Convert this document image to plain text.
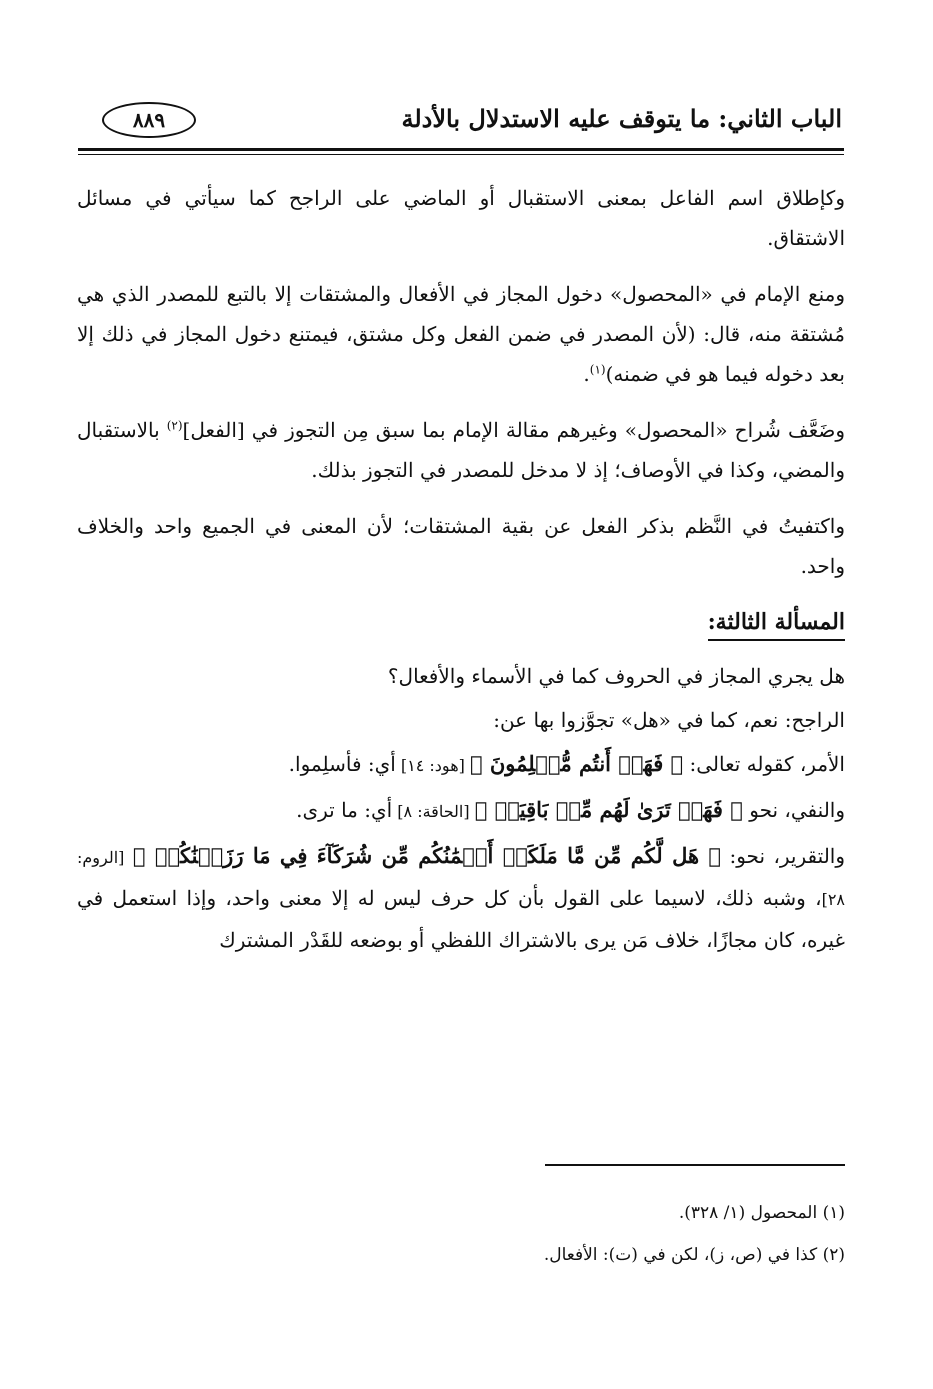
الباب الثاني: ما يتوقف عليه الاستدلال بالأدلة
٨٨٩

وكإطلاق اسم الفاعل بمعنى الاستقبال أو الماضي على الراجح كما سيأتي في مسائل الاشتقاق.

ومنع الإمام في «المحصول» دخول المجاز في الأفعال والمشتقات إلا بالتبع للمصدر الذي هي مُشتقة منه، قال: (لأن المصدر في ضمن الفعل وكل مشتق، فيمتنع دخول المجاز في ذلك إلا بعد دخوله فيما هو في ضمنه)$^{(١)}$.

وضَعَّف شُراح «المحصول» وغيرهم مقالة الإمام بما سبق مِن التجوز في [الفعل]$^{(٢)}$ بالاستقبال والمضي، وكذا في الأوصاف؛ إذ لا مدخل للمصدر في التجوز بذلك.

واكتفيتُ في النَّظم بذكر الفعل عن بقية المشتقات؛ لأن المعنى في الجميع واحد والخلاف واحد.

المسألة الثالثة:

هل يجري المجاز في الحروف كما في الأسماء والأفعال؟

الراجح: نعم، كما في «هل» تجوَّزوا بها عن:

الأمر، كقوله تعالى: ﴿ فَهَلۡ أَنتُم مُّسۡلِمُونَ ﴾ [هود: ١٤] أي: فأسلِموا.

والنفي، نحو ﴿ فَهَلۡ تَرَىٰ لَهُم مِّنۢ بَاقِيَةٖ ﴾ [الحاقة: ٨] أي: ما ترى.

والتقرير، نحو: ﴿ هَل لَّكُم مِّن مَّا مَلَكَتۡ أَيۡمَٰنُكُم مِّن شُرَكَآءَ فِي مَا رَزَقۡنَٰكُمۡ ﴾ [الروم: ٢٨]، وشبه ذلك، لاسيما على القول بأن كل حرف ليس له إلا معنى واحد، وإذا استعمل في غيره، كان مجازًا، خلاف مَن يرى بالاشتراك اللفظي أو بوضعه للقَدْر المشترك

(١) المحصول (١/ ٣٢٨).

(٢) كذا في (ص، ز)، لكن في (ت): الأفعال.
